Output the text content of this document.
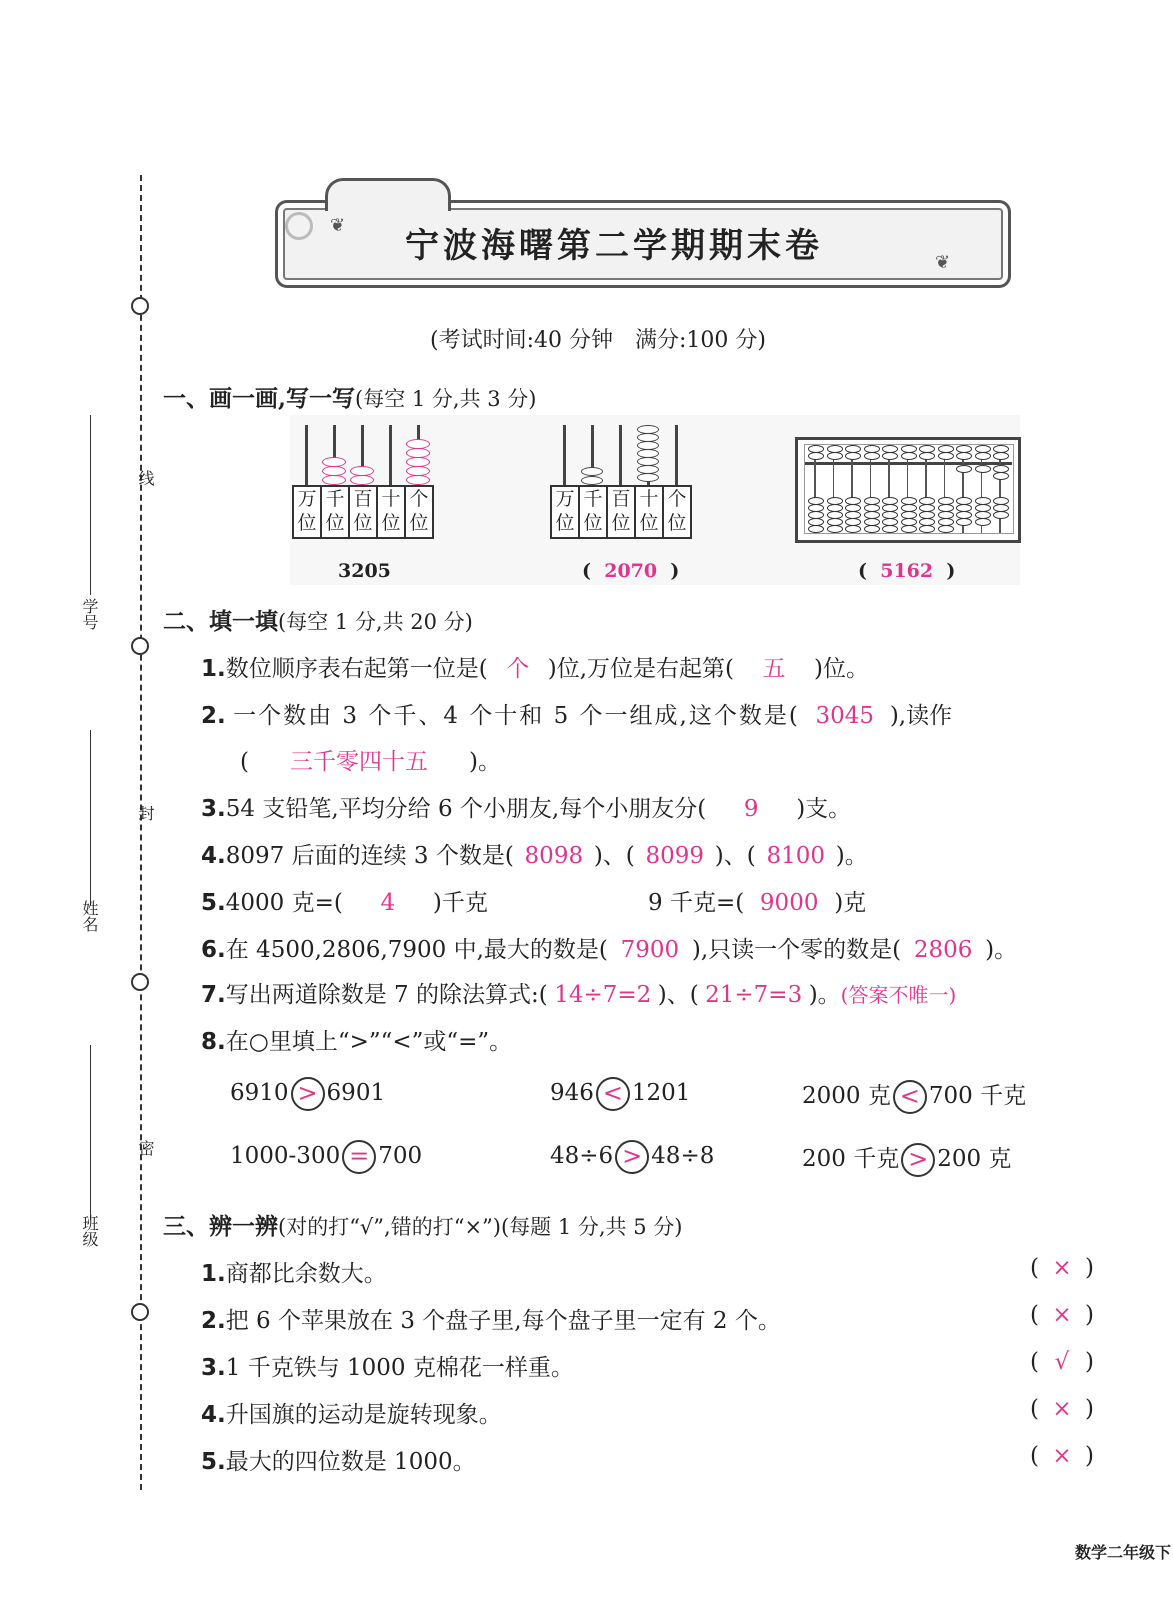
线
封
密
学号
姓名
班级
❦
❦
宁波海曙第二学期期末卷
(考试时间:40 分钟　满分:100 分)
一、画一画,写一写(每空 1 分,共 3 分)
万位
千位
百位
十位
个位
3205
万位
千位
百位
十位
个位
( 2070 )	( 5162 )
二、填一填(每空 1 分,共 20 分)
1.数位顺序表右起第一位是( 个 )位,万位是右起第( 五 )位。
2. 一个数由 3 个千、4 个十和 5 个一组成,这个数是( 3045 ),读作
( 三千零四十五 )。
3.54 支铅笔,平均分给 6 个小朋友,每个小朋友分( 9 )支。
4.8097 后面的连续 3 个数是( 8098 )、( 8099 )、( 8100 )。
5.4000 克=( 4 )千克	9 千克=( 9000 )克
6.在 4500,2806,7900 中,最大的数是( 7900 ),只读一个零的数是( 2806 )。
7.写出两道除数是 7 的除法算式:( 14÷7=2 )、( 21÷7=3 )。(答案不唯一)
8.在○里填上“>”“<”或“=”。
6910 > 6901	946 < 1201	2000 克 < 700 千克
1000-300 = 700	48÷6 > 48÷8	200 千克 > 200 克
三、辨一辨(对的打“√”,错的打“×”)(每题 1 分,共 5 分)
1.商都比余数大。	( × )
2.把 6 个苹果放在 3 个盘子里,每个盘子里一定有 2 个。	( × )
3.1 千克铁与 1000 克棉花一样重。	( √ )
4.升国旗的运动是旋转现象。	( × )
5.最大的四位数是 1000。	( × )
数学二年级下
